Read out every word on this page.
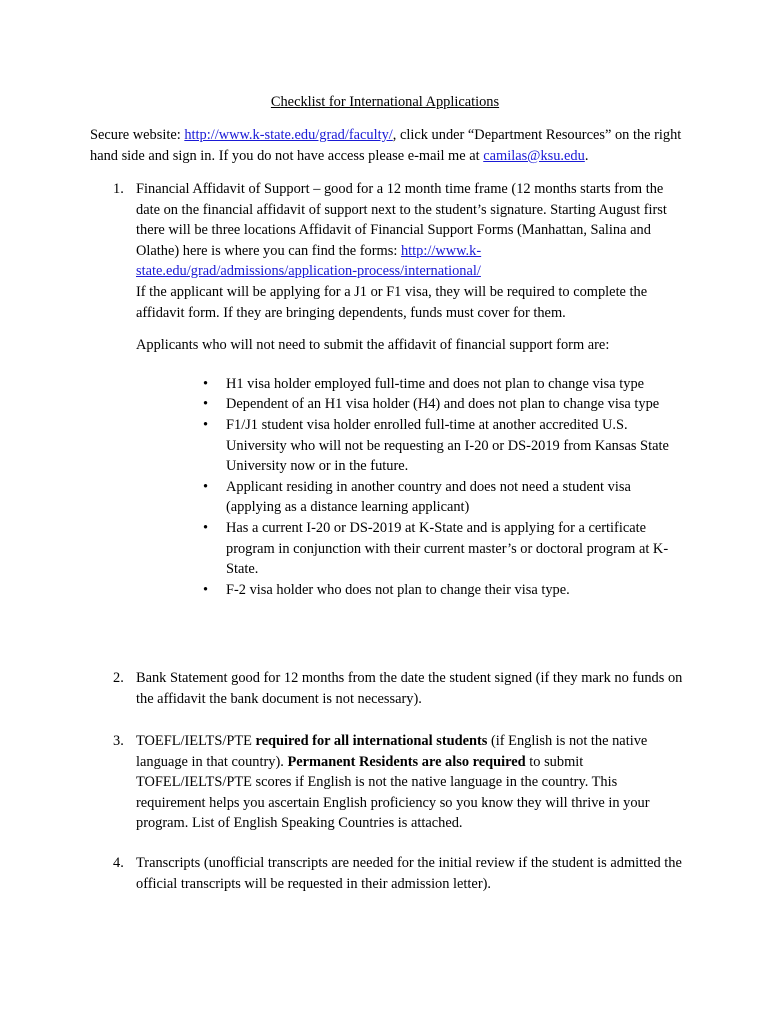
Checklist for International Applications

Secure website: http://www.k-state.edu/grad/faculty/, click under “Department Resources” on the right hand side and sign in. If you do not have access please e-mail me at camilas@ksu.edu.

1. Financial Affidavit of Support – good for a 12 month time frame (12 months starts from the date on the financial affidavit of support next to the student’s signature. Starting August first there will be three locations Affidavit of Financial Support Forms (Manhattan, Salina and Olathe) here is where you can find the forms: http://www.k-state.edu/grad/admissions/application-process/international/

If the applicant will be applying for a J1 or F1 visa, they will be required to complete the affidavit form. If they are bringing dependents, funds must cover for them.

Applicants who will not need to submit the affidavit of financial support form are:

• H1 visa holder employed full-time and does not plan to change visa type
• Dependent of an H1 visa holder (H4) and does not plan to change visa type
• F1/J1 student visa holder enrolled full-time at another accredited U.S. University who will not be requesting an I-20 or DS-2019 from Kansas State University now or in the future.
• Applicant residing in another country and does not need a student visa (applying as a distance learning applicant)
• Has a current I-20 or DS-2019 at K-State and is applying for a certificate program in conjunction with their current master’s or doctoral program at K-State.
• F-2 visa holder who does not plan to change their visa type.
2. Bank Statement good for 12 months from the date the student signed (if they mark no funds on the affidavit the bank document is not necessary).

3. TOEFL/IELTS/PTE required for all international students (if English is not the native language in that country). Permanent Residents are also required to submit TOFEL/IELTS/PTE scores if English is not the native language in the country. This requirement helps you ascertain English proficiency so you know they will thrive in your program. List of English Speaking Countries is attached.

4. Transcripts (unofficial transcripts are needed for the initial review if the student is admitted the official transcripts will be requested in their admission letter).
